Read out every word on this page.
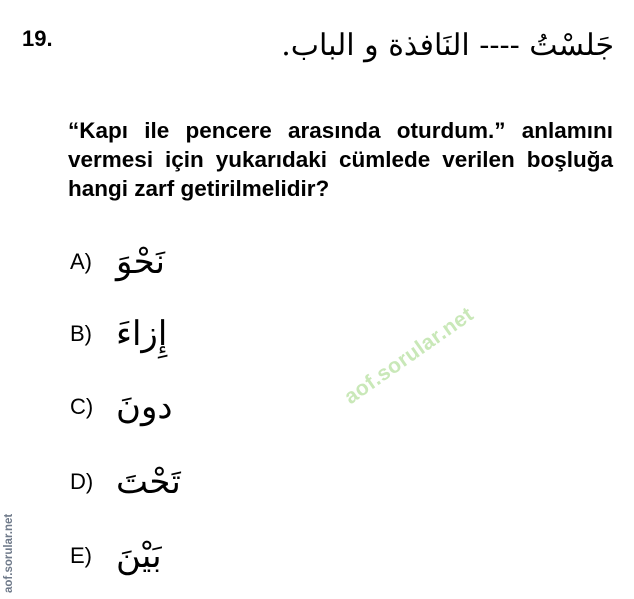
19.	جَلسْتُ ---- النَافذة و الباب.
“Kapı ile pencere arasında oturdum.” anlamını vermesi için yukarıdaki cümlede verilen boşluğa hangi zarf getirilmelidir?
A) نَحْوَ
B) إِزاءَ
C) دونَ
D) تَحْتَ
E) بَيْنَ
aof.sorular.net
aof.sorular.net
